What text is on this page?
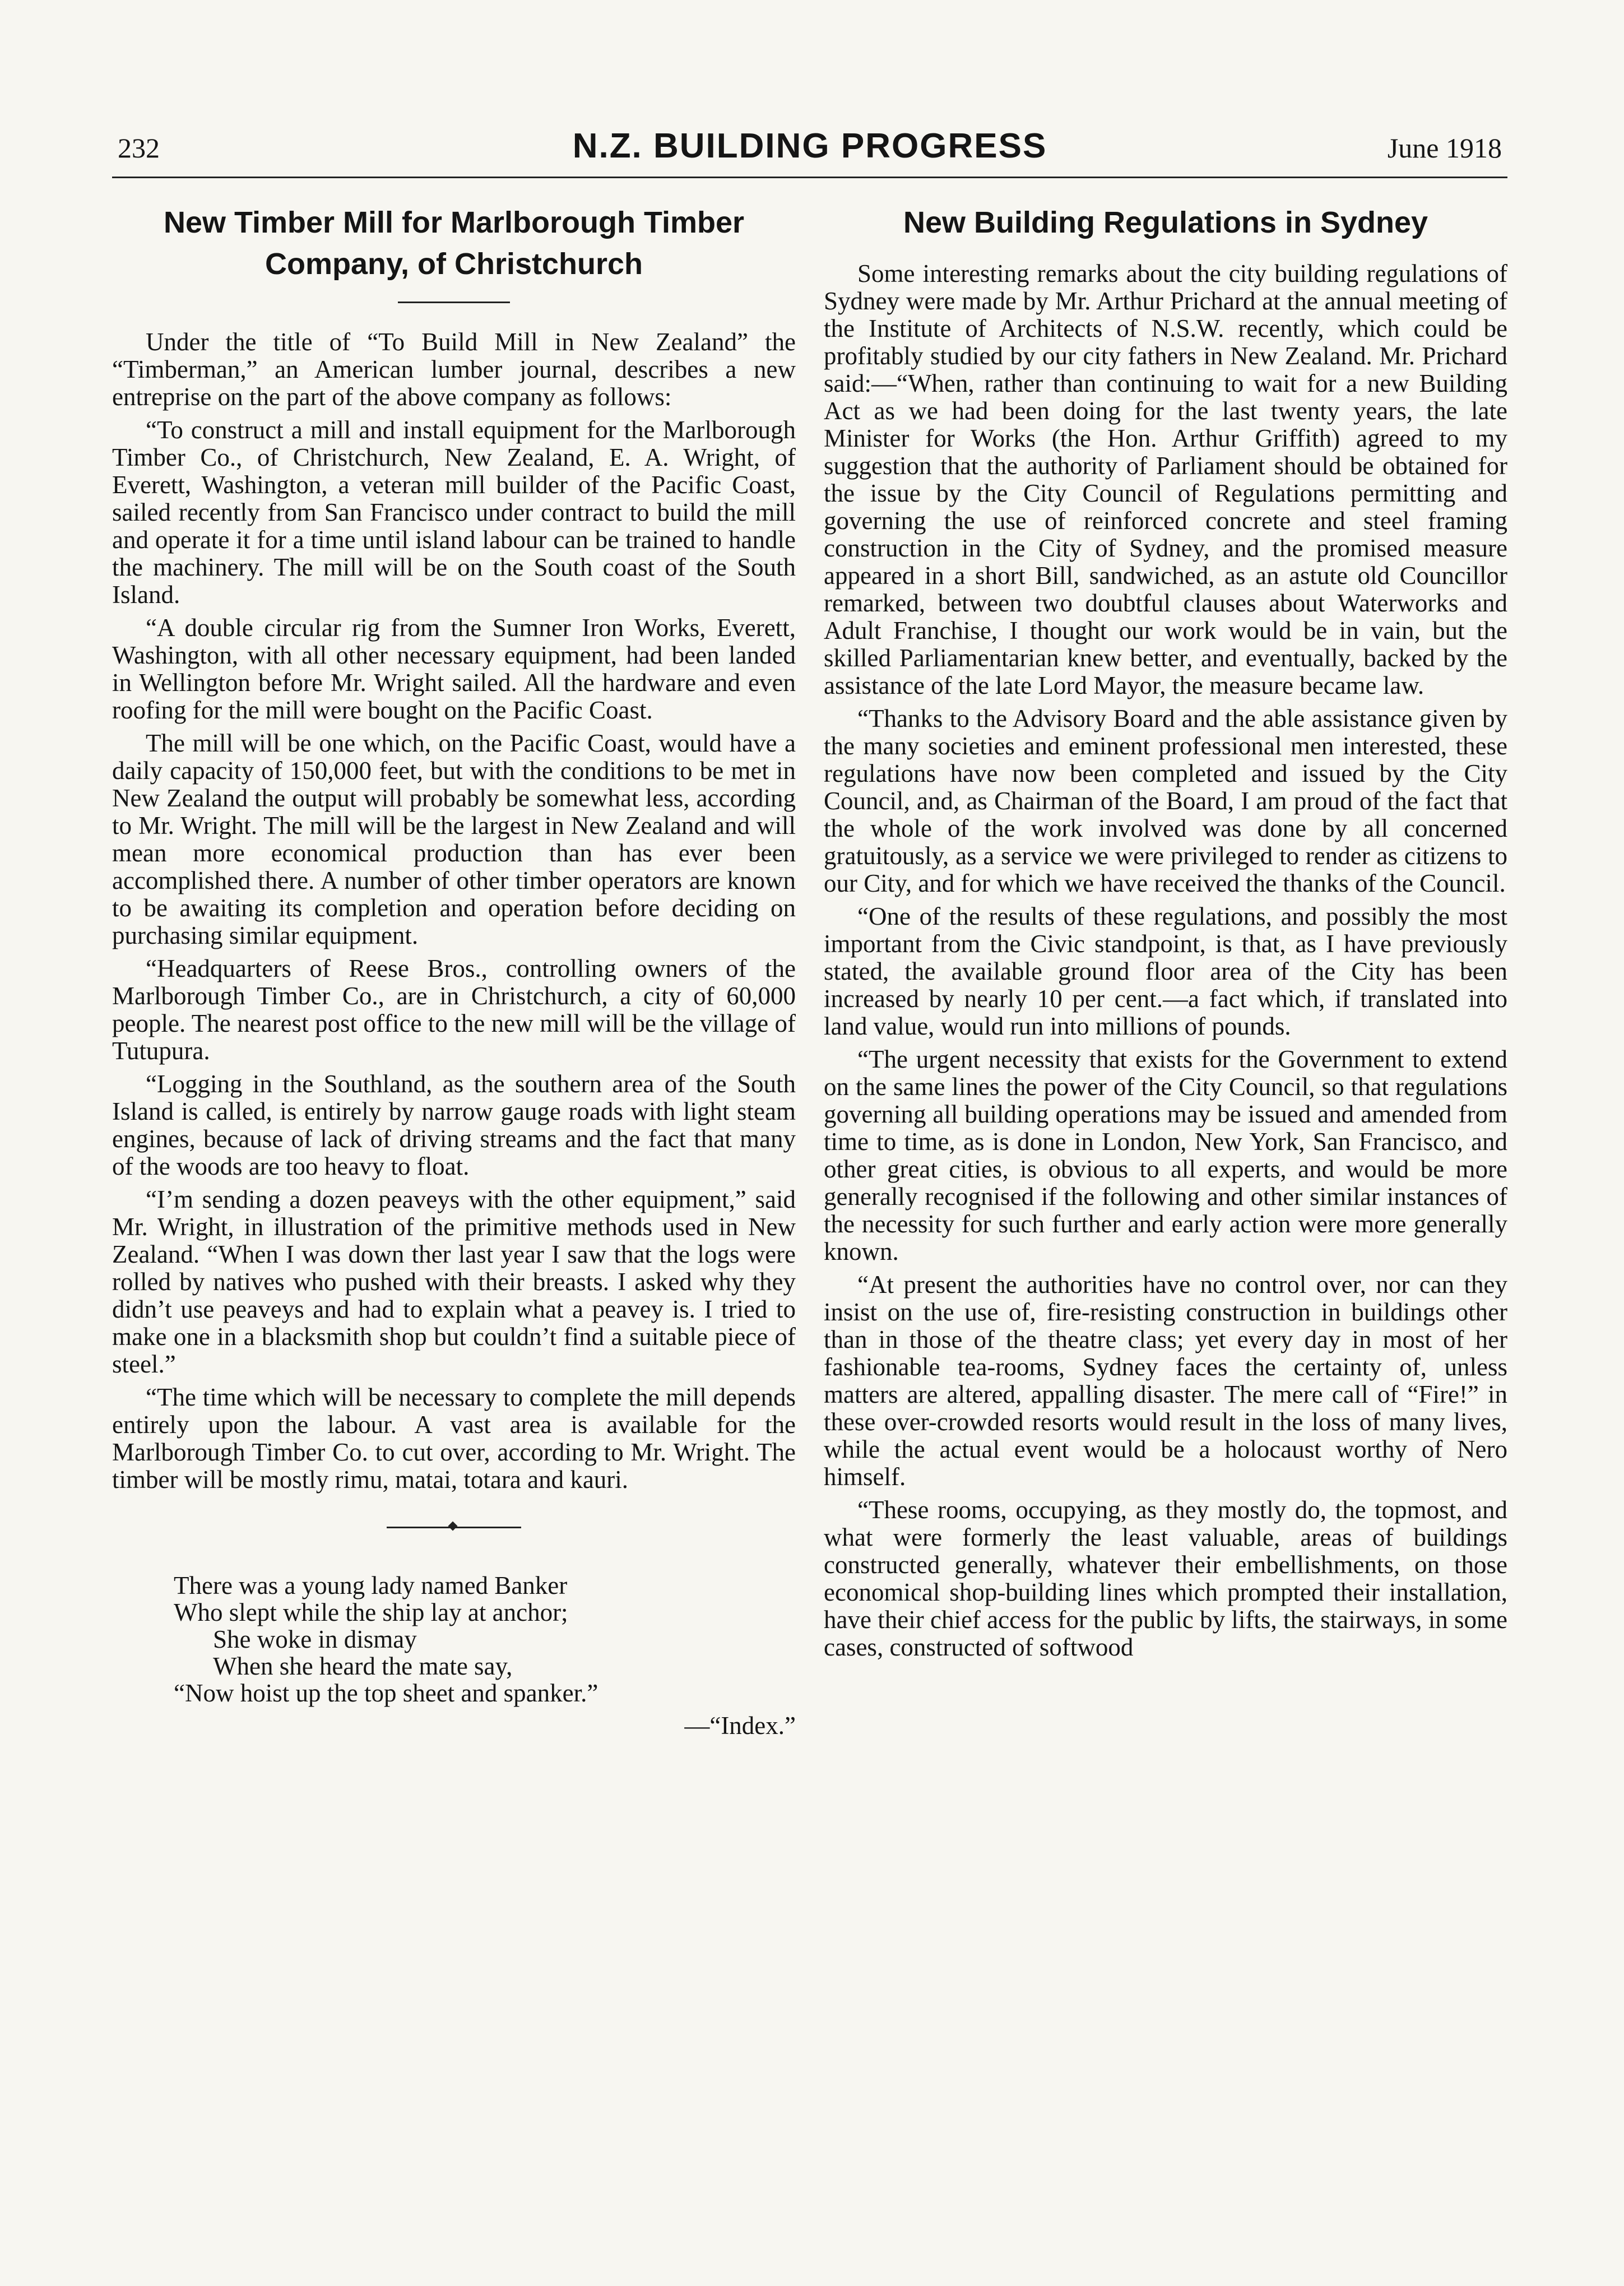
232	N.Z. BUILDING PROGRESS	June 1918
New Timber Mill for Marlborough Timber Company, of Christchurch

Under the title of “To Build Mill in New Zealand” the “Timberman,” an American lumber journal, describes a new entreprise on the part of the above company as follows:

“To construct a mill and install equipment for the Marlborough Timber Co., of Christchurch, New Zealand, E. A. Wright, of Everett, Washington, a veteran mill builder of the Pacific Coast, sailed recently from San Francisco under contract to build the mill and operate it for a time until island labour can be trained to handle the machinery. The mill will be on the South coast of the South Island.

“A double circular rig from the Sumner Iron Works, Everett, Washington, with all other necessary equipment, had been landed in Wellington before Mr. Wright sailed. All the hardware and even roofing for the mill were bought on the Pacific Coast.

The mill will be one which, on the Pacific Coast, would have a daily capacity of 150,000 feet, but with the conditions to be met in New Zealand the output will probably be somewhat less, according to Mr. Wright. The mill will be the largest in New Zealand and will mean more economical production than has ever been accomplished there. A number of other timber operators are known to be awaiting its completion and operation before deciding on purchasing similar equipment.

“Headquarters of Reese Bros., controlling owners of the Marlborough Timber Co., are in Christchurch, a city of 60,000 people. The nearest post office to the new mill will be the village of Tutupura.

“Logging in the Southland, as the southern area of the South Island is called, is entirely by narrow gauge roads with light steam engines, because of lack of driving streams and the fact that many of the woods are too heavy to float.

“I’m sending a dozen peaveys with the other equipment,” said Mr. Wright, in illustration of the primitive methods used in New Zealand. “When I was down ther last year I saw that the logs were rolled by natives who pushed with their breasts. I asked why they didn’t use peaveys and had to explain what a peavey is. I tried to make one in a blacksmith shop but couldn’t find a suitable piece of steel.”

“The time which will be necessary to complete the mill depends entirely upon the labour. A vast area is available for the Marlborough Timber Co. to cut over, according to Mr. Wright. The timber will be mostly rimu, matai, totara and kauri.

There was a young lady named Banker
Who slept while the ship lay at anchor;
She woke in dismay
When she heard the mate say,
“Now hoist up the top sheet and spanker.”
—“Index.”
New Building Regulations in Sydney

Some interesting remarks about the city building regulations of Sydney were made by Mr. Arthur Prichard at the annual meeting of the Institute of Architects of N.S.W. recently, which could be profitably studied by our city fathers in New Zealand. Mr. Prichard said:—“When, rather than continuing to wait for a new Building Act as we had been doing for the last twenty years, the late Minister for Works (the Hon. Arthur Griffith) agreed to my suggestion that the authority of Parliament should be obtained for the issue by the City Council of Regulations permitting and governing the use of reinforced concrete and steel framing construction in the City of Sydney, and the promised measure appeared in a short Bill, sandwiched, as an astute old Councillor remarked, between two doubtful clauses about Waterworks and Adult Franchise, I thought our work would be in vain, but the skilled Parliamentarian knew better, and eventually, backed by the assistance of the late Lord Mayor, the measure became law.

“Thanks to the Advisory Board and the able assistance given by the many societies and eminent professional men interested, these regulations have now been completed and issued by the City Council, and, as Chairman of the Board, I am proud of the fact that the whole of the work involved was done by all concerned gratuitously, as a service we were privileged to render as citizens to our City, and for which we have received the thanks of the Council.

“One of the results of these regulations, and possibly the most important from the Civic standpoint, is that, as I have previously stated, the available ground floor area of the City has been increased by nearly 10 per cent.—a fact which, if translated into land value, would run into millions of pounds.

“The urgent necessity that exists for the Government to extend on the same lines the power of the City Council, so that regulations governing all building operations may be issued and amended from time to time, as is done in London, New York, San Francisco, and other great cities, is obvious to all experts, and would be more generally recognised if the following and other similar instances of the necessity for such further and early action were more generally known.

“At present the authorities have no control over, nor can they insist on the use of, fire-resisting construction in buildings other than in those of the theatre class; yet every day in most of her fashionable tea-rooms, Sydney faces the certainty of, unless matters are altered, appalling disaster. The mere call of “Fire!” in these over-crowded resorts would result in the loss of many lives, while the actual event would be a holocaust worthy of Nero himself.

“These rooms, occupying, as they mostly do, the topmost, and what were formerly the least valuable, areas of buildings constructed generally, whatever their embellishments, on those economical shop-building lines which prompted their installation, have their chief access for the public by lifts, the stairways, in some cases, constructed of softwood
